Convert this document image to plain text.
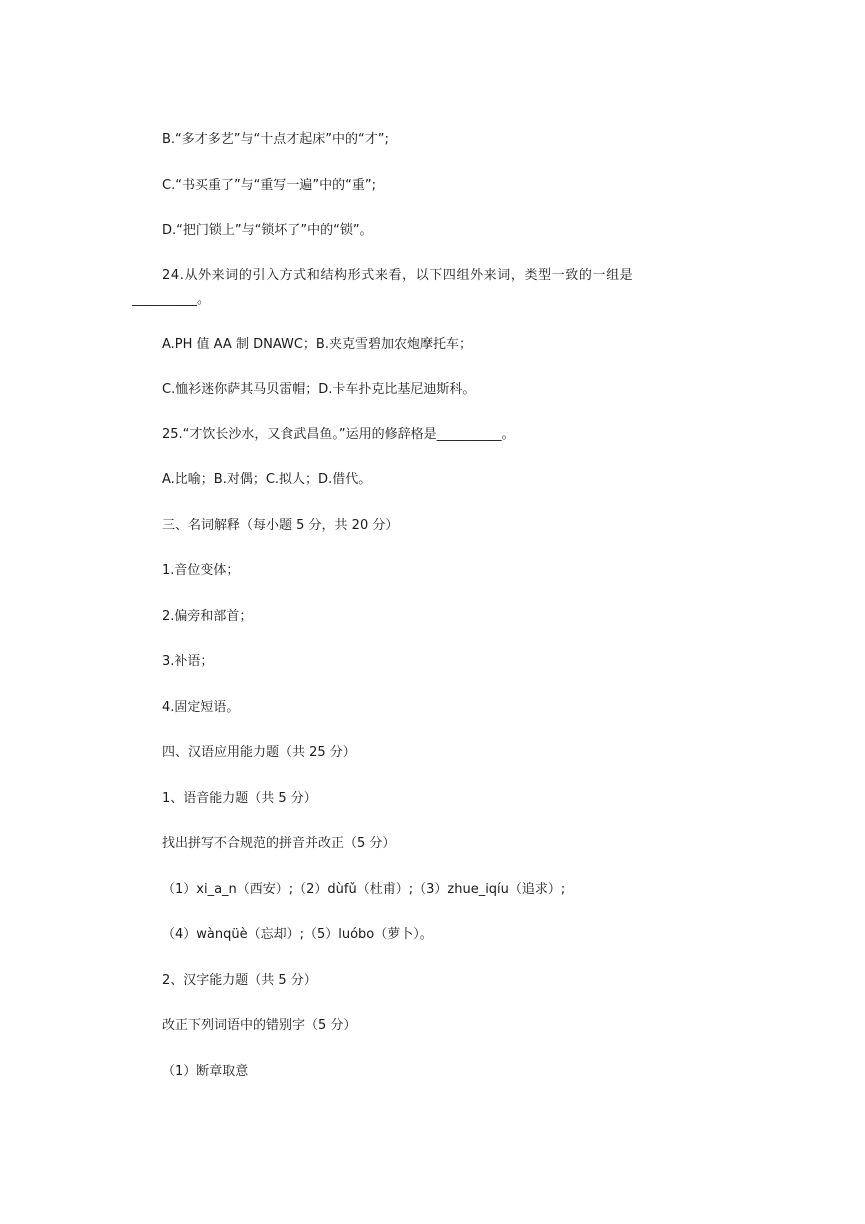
B.“多才多艺”与“十点才起床”中的“才”;
C.“书买重了”与“重写一遍”中的“重”;
D.“把门锁上”与“锁坏了”中的“锁”。
24.从外来词的引入方式和结构形式来看，以下四组外来词，类型一致的一组是
__________。
A.PH 值 AA 制 DNAWC；B.夹克雪碧加农炮摩托车；
C.恤衫迷你萨其马贝雷帽；D.卡车扑克比基尼迪斯科。
25.“才饮长沙水，又食武昌鱼。”运用的修辞格是__________。
A.比喻；B.对偶；C.拟人；D.借代。
三、名词解释（每小题 5 分，共 20 分）
1.音位变体；
2.偏旁和部首；
3.补语；
4.固定短语。
四、汉语应用能力题（共 25 分）
1、语音能力题（共 5 分）
找出拼写不合规范的拼音并改正（5 分）
（1）xi_a_n（西安）;（2）dùfǔ（杜甫）;（3）zhue_iqíu（追求）;
（4）wànqüè（忘却）;（5）luóbo（萝卜）。
2、汉字能力题（共 5 分）
改正下列词语中的错别字（5 分）
（1）断章取意
